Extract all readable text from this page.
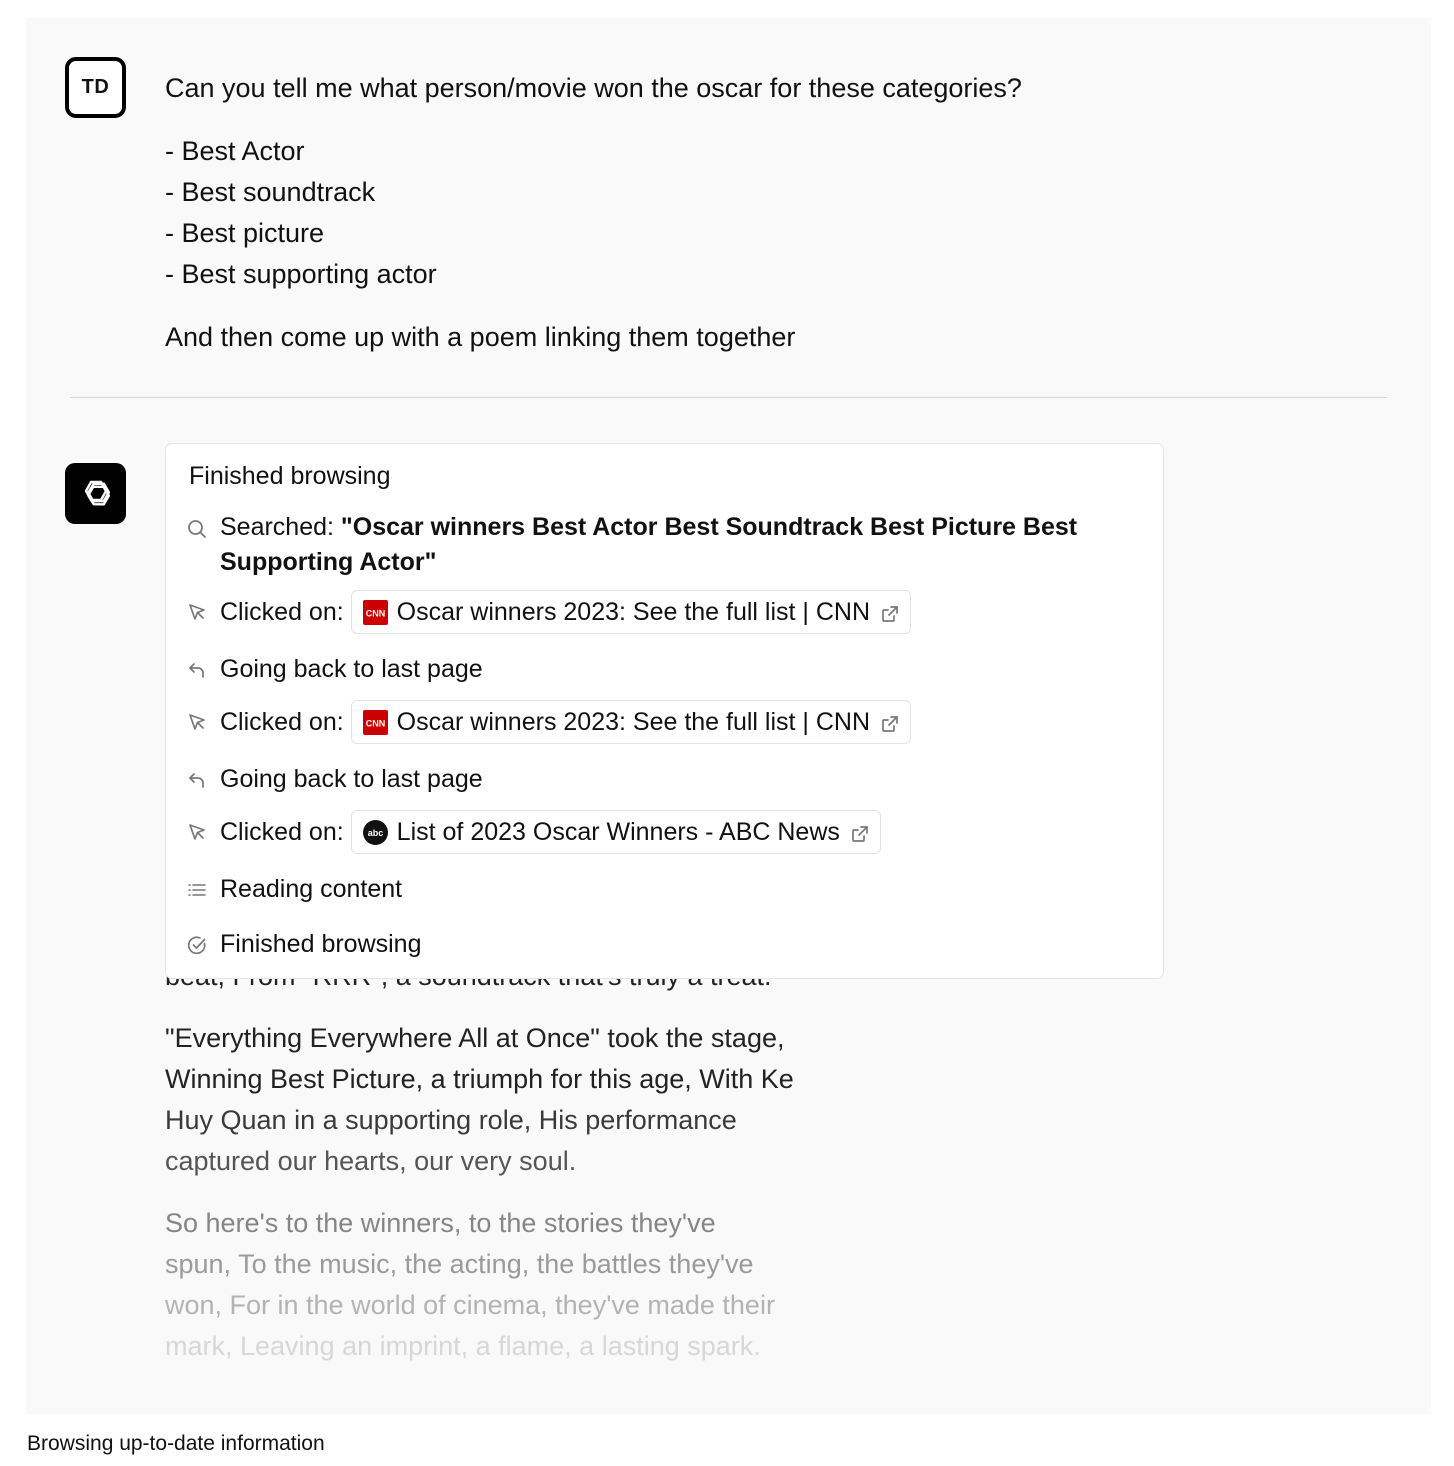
TD	Can you tell me what person/movie won the oscar for these categories?
- Best Actor
- Best soundtrack
- Best picture
- Best supporting actor
And then come up with a poem linking them together

"Everything Everywhere All at Once" took the stage,
Winning Best Picture, a triumph for this age, With Ke
Huy Quan in a supporting role, His performance
captured our hearts, our very soul.

So here's to the winners, to the stories they've
spun, To the music, the acting, the battles they've
won, For in the world of cinema, they've made their
mark, Leaving an imprint, a flame, a lasting spark.

Finished browsing
Searched: "Oscar winners Best Actor Best Soundtrack Best Picture Best Supporting Actor"
Clicked on: CNN Oscar winners 2023: See the full list | CNN
Going back to last page
Clicked on: CNN Oscar winners 2023: See the full list | CNN
Going back to last page
Clicked on:	abc List of 2023 Oscar Winners - ABC News
Reading content
Finished browsing
Browsing up-to-date information
